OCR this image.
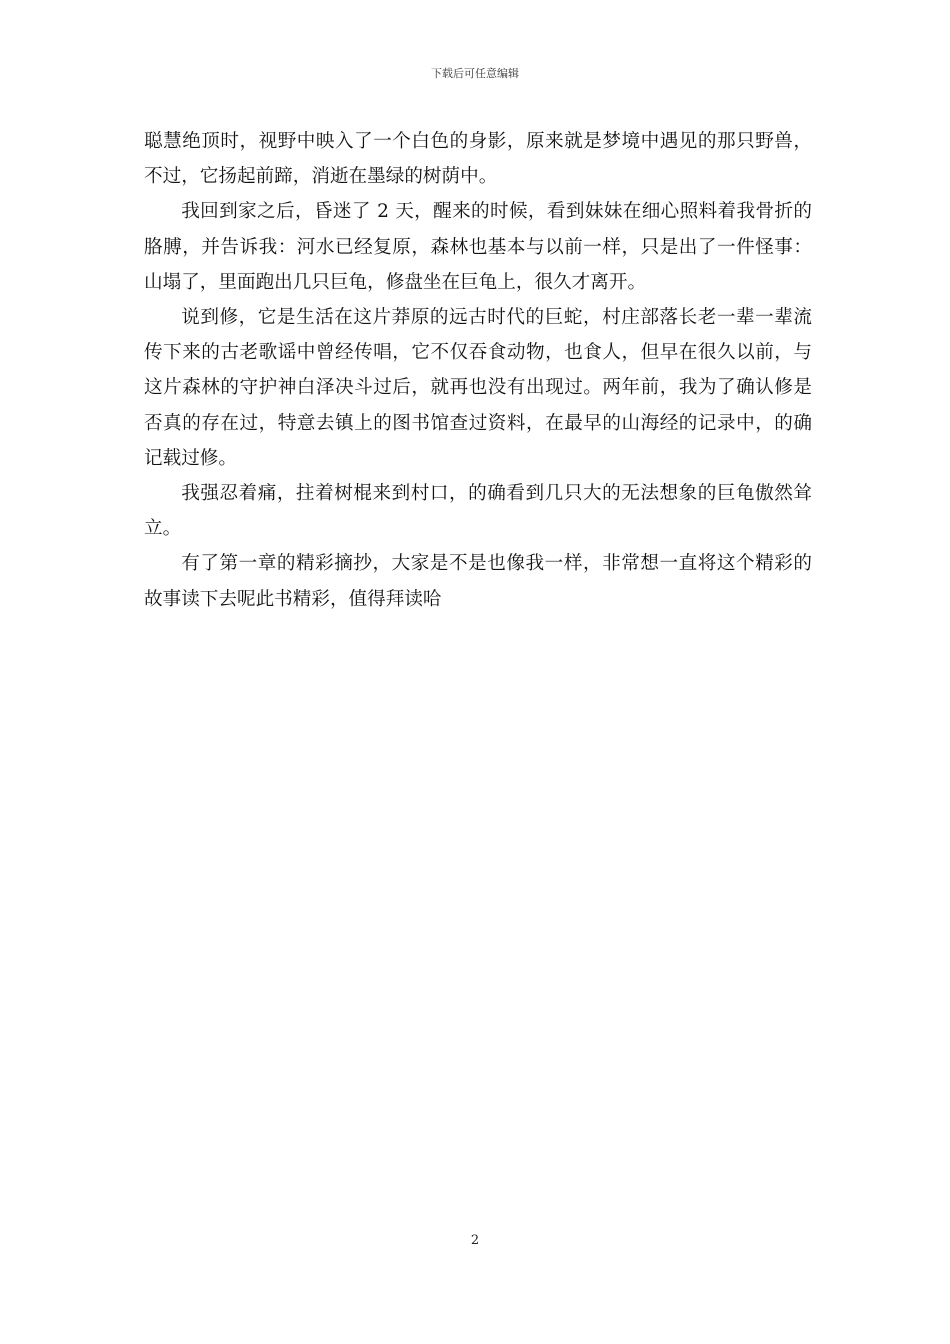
下载后可任意编辑

聪慧绝顶时，视野中映入了一个白色的身影，原来就是梦境中遇见的那只野兽，不过，它扬起前蹄，消逝在墨绿的树荫中。

我回到家之后，昏迷了 2 天，醒来的时候，看到妹妹在细心照料着我骨折的胳膊，并告诉我：河水已经复原，森林也基本与以前一样，只是出了一件怪事：山塌了，里面跑出几只巨龟，修盘坐在巨龟上，很久才离开。

说到修，它是生活在这片莽原的远古时代的巨蛇，村庄部落长老一辈一辈流传下来的古老歌谣中曾经传唱，它不仅吞食动物，也食人，但早在很久以前，与这片森林的守护神白泽决斗过后，就再也没有出现过。两年前，我为了确认修是否真的存在过，特意去镇上的图书馆查过资料，在最早的山海经的记录中，的确记载过修。

我强忍着痛，拄着树棍来到村口，的确看到几只大的无法想象的巨龟傲然耸立。

有了第一章的精彩摘抄，大家是不是也像我一样，非常想一直将这个精彩的故事读下去呢此书精彩，值得拜读哈

2
